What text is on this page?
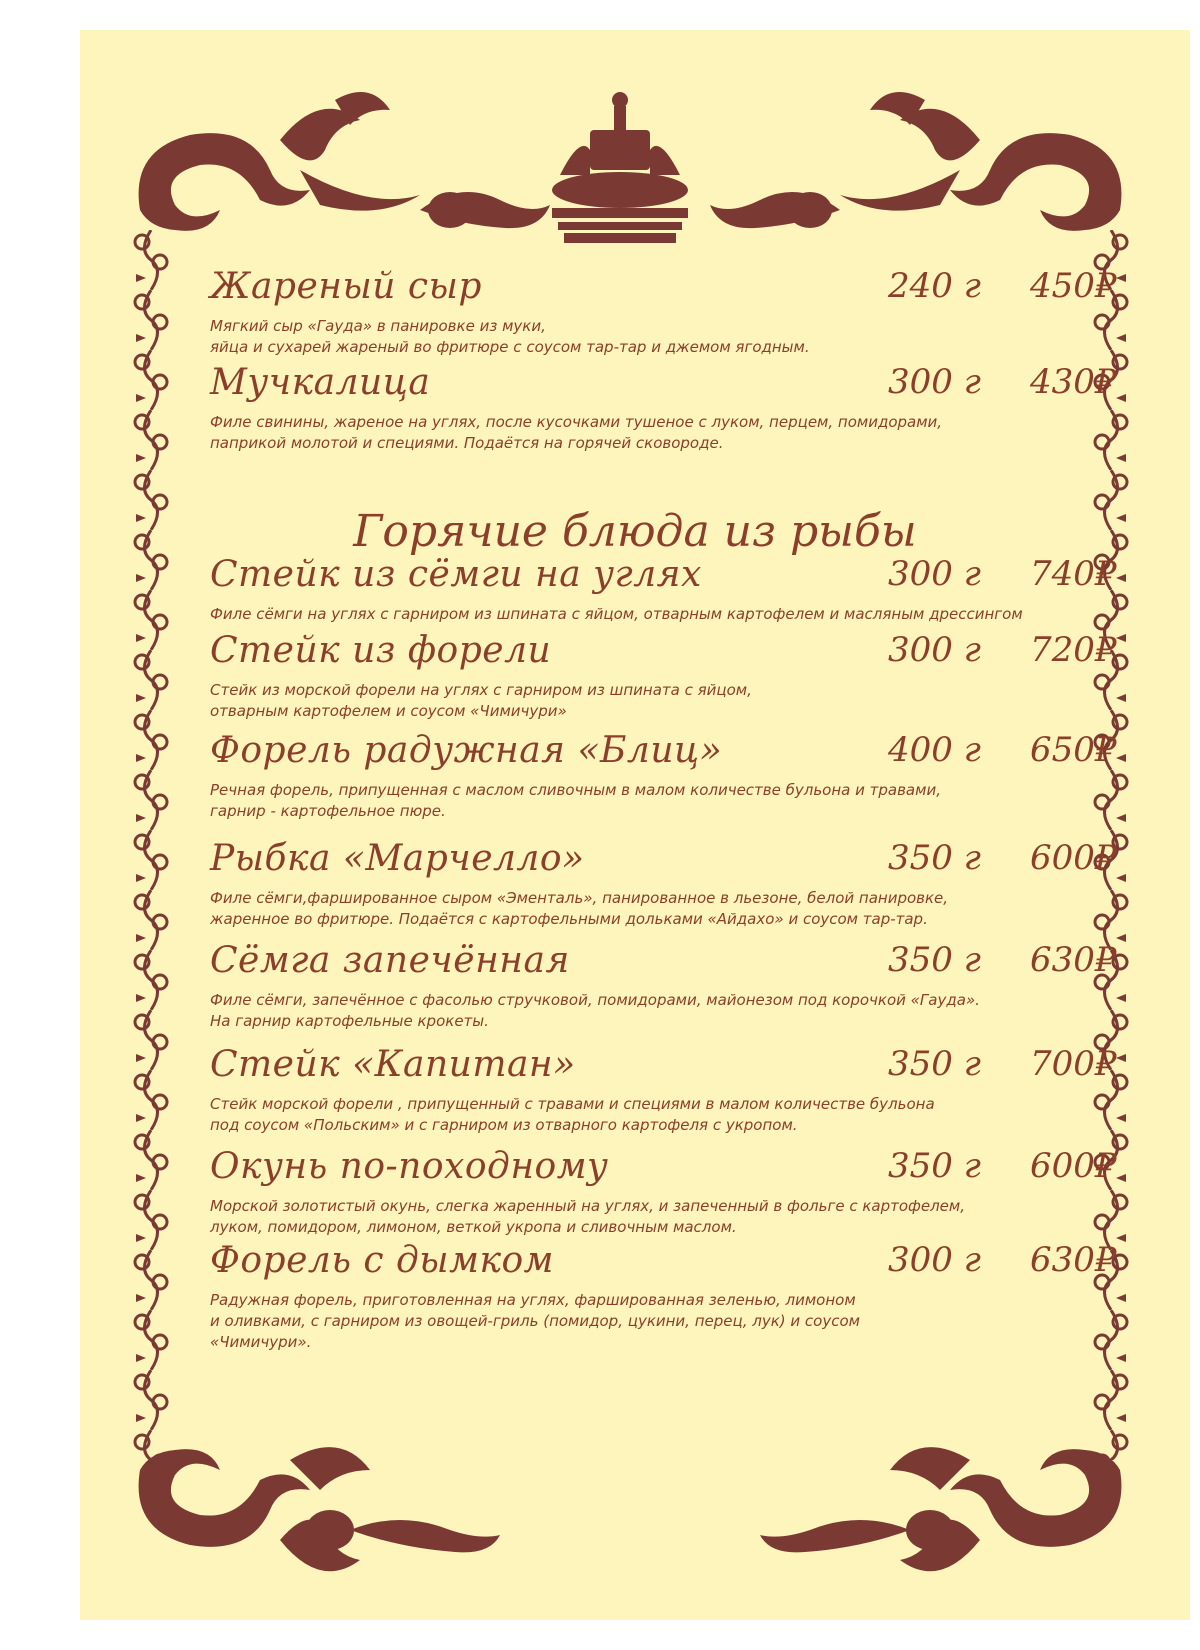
Жареный сыр	240 г 450₽
Мягкий сыр «Гауда» в панировке из муки,
яйца и сухарей жареный во фритюре с соусом тар-тар и джемом ягодным.
Мучкалица	300 г 430₽
Филе свинины, жареное на углях, после кусочками тушеное с луком, перцем, помидорами,
паприкой молотой и специями. Подаётся на горячей сковороде.
Горячие блюда из рыбы
Стейк из сёмги на углях	300 г 740₽
Филе сёмги на углях с гарниром из шпината с яйцом, отварным картофелем и масляным дрессингом
Стейк из форели	300 г 720₽
Стейк из морской форели на углях с гарниром из шпината с яйцом,
отварным картофелем и соусом «Чимичури»
Форель радужная «Блиц»	400 г 650₽
Речная форель, припущенная с маслом сливочным в малом количестве бульона и травами,
гарнир - картофельное пюре.
Рыбка «Марчелло»	350 г 600₽
Филе сёмги,фаршированное сыром «Эменталь», панированное в льезоне, белой панировке,
жаренное во фритюре. Подаётся с картофельными дольками «Айдахо» и соусом тар-тар.
Сёмга запечённая	350 г 630₽
Филе сёмги, запечённое с фасолью стручковой, помидорами, майонезом под корочкой «Гауда».
На гарнир картофельные крокеты.
Стейк «Капитан»	350 г 700₽
Стейк морской форели , припущенный с травами и специями в малом количестве бульона
под соусом «Польским» и с гарниром из отварного картофеля с укропом.
Окунь по-походному	350 г 600₽
Морской золотистый окунь, слегка жаренный на углях, и запеченный в фольге с картофелем,
луком, помидором, лимоном, веткой укропа и сливочным маслом.
Форель с дымком	300 г 630₽
Радужная форель, приготовленная на углях, фаршированная зеленью, лимоном
и оливками, с гарниром из овощей-гриль (помидор, цукини, перец, лук) и соусом
«Чимичури».
